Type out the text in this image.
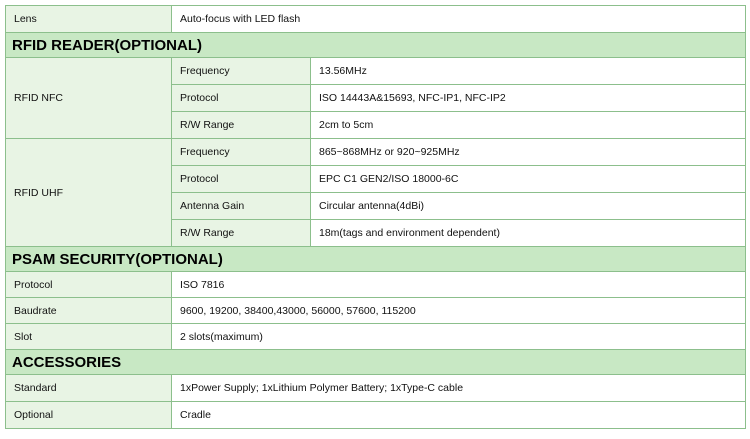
Lens	Auto-focus with LED flash	
RFID READER(OPTIONAL)		
RFID NFC	Frequency	13.56MHz
	Protocol	ISO 14443A&15693, NFC-IP1, NFC-IP2
	R/W Range	2cm to 5cm
RFID UHF	Frequency	865~868MHz or 920~925MHz
	Protocol	EPC C1 GEN2/ISO 18000-6C
	Antenna Gain	Circular antenna(4dBi)
	R/W Range	18m(tags and environment dependent)
PSAM SECURITY(OPTIONAL)		
Protocol	ISO 7816	
Baudrate	9600, 19200, 38400,43000, 56000, 57600, 115200	
Slot	2 slots(maximum)	
ACCESSORIES		
Standard	1xPower Supply; 1xLithium Polymer Battery; 1xType-C cable	
Optional	Cradle	
